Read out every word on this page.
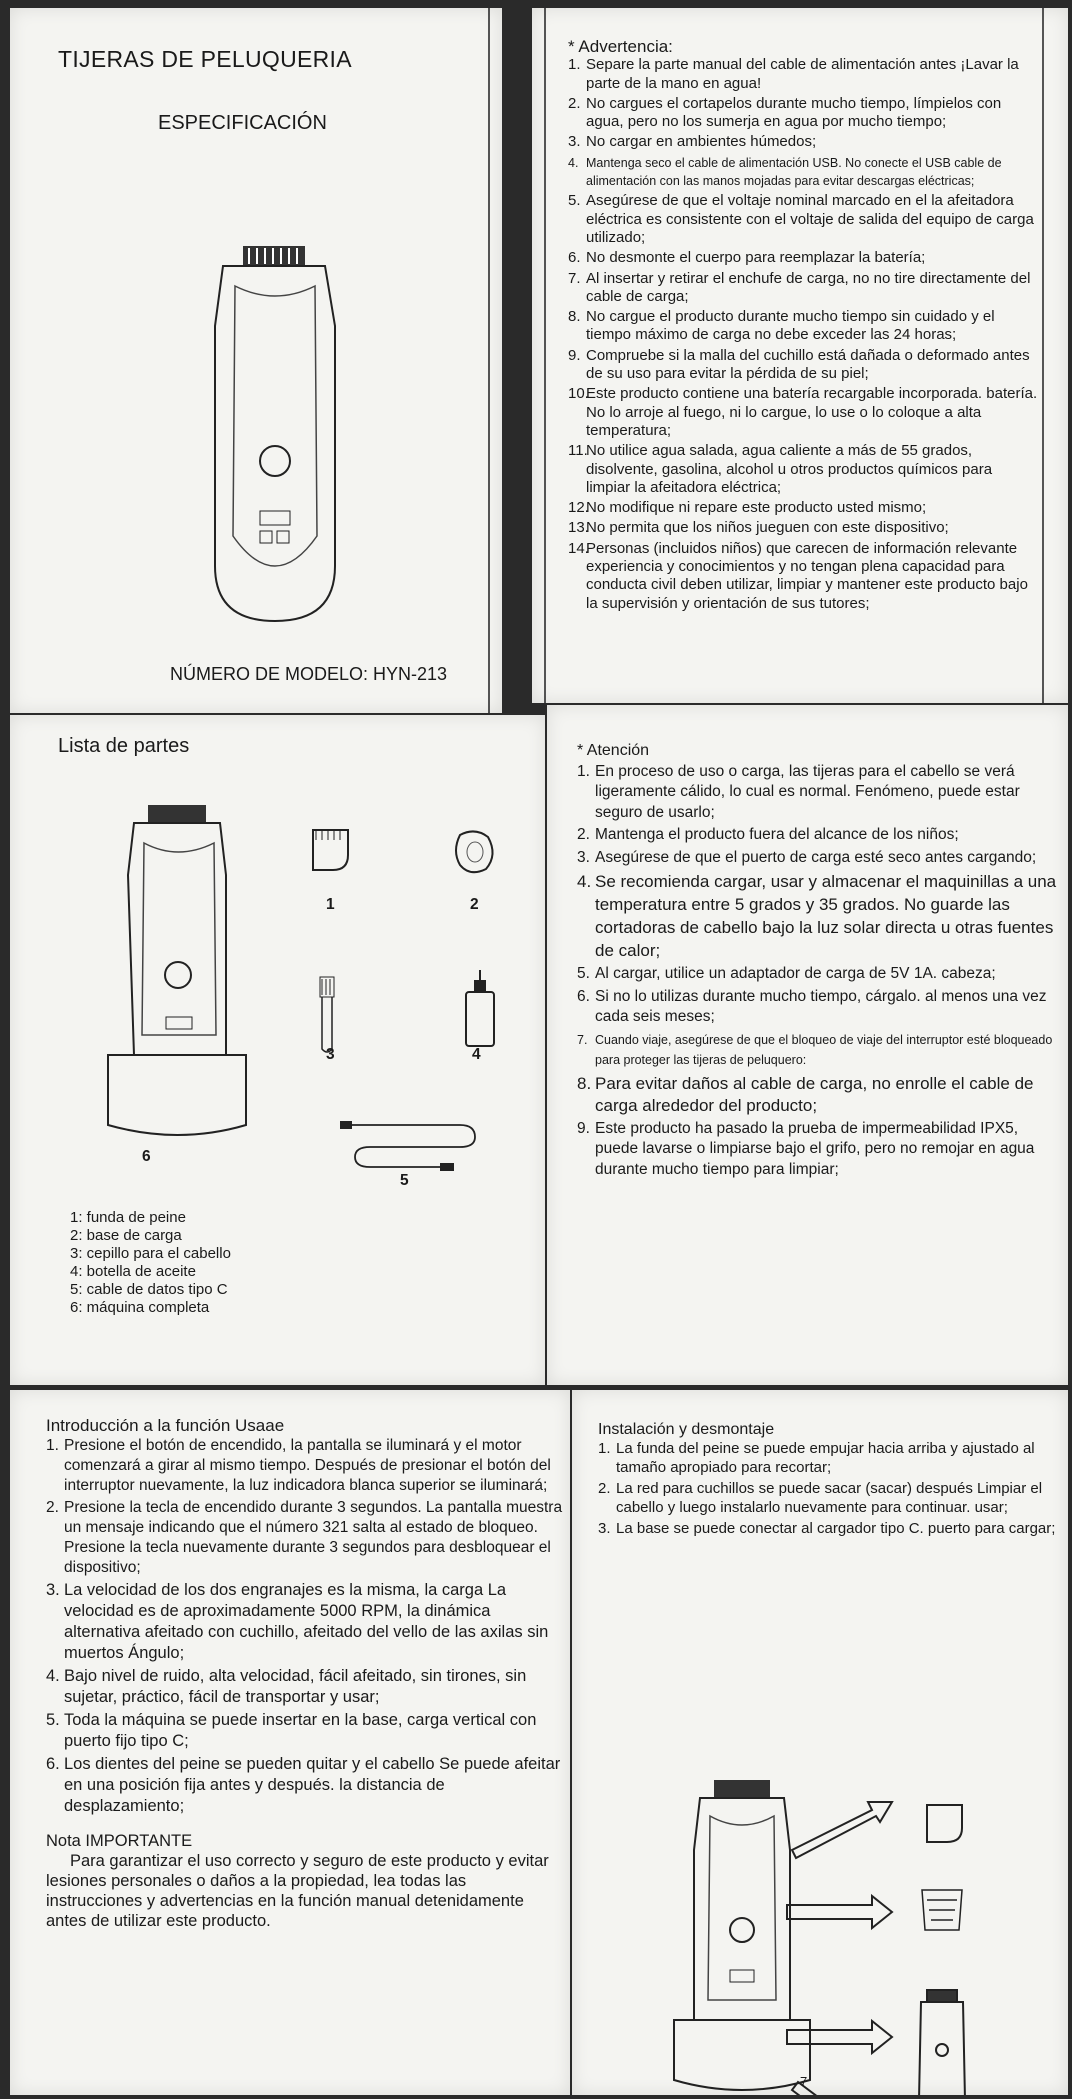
TIJERAS DE PELUQUERIA
ESPECIFICACIÓN
NÚMERO DE MODELO: HYN-213
* Advertencia:
1. Separe la parte manual del cable de alimentación antes ¡Lavar la parte de la mano en agua!
2. No cargues el cortapelos durante mucho tiempo, límpielos con agua, pero no los sumerja en agua por mucho tiempo;
3. No cargar en ambientes húmedos;
4. Mantenga seco el cable de alimentación USB. No conecte el USB cable de alimentación con las manos mojadas para evitar descargas eléctricas;
5. Asegúrese de que el voltaje nominal marcado en el la afeitadora eléctrica es consistente con el voltaje de salida del equipo de carga utilizado;
6. No desmonte el cuerpo para reemplazar la batería;
7. Al insertar y retirar el enchufe de carga, no no tire directamente del cable de carga;
8. No cargue el producto durante mucho tiempo sin cuidado y el tiempo máximo de carga no debe exceder las 24 horas;
9. Compruebe si la malla del cuchillo está dañada o deformado antes de su uso para evitar la pérdida de su piel;
10.
Este producto contiene una batería recargable incorporada. batería. No lo arroje al fuego, ni lo cargue, lo use o lo coloque a alta temperatura;
11.
No utilice agua salada, agua caliente a más de 55 grados, disolvente, gasolina, alcohol u otros productos químicos para limpiar la afeitadora eléctrica;
12.
No modifique ni repare este producto usted mismo;
13.
No permita que los niños jueguen con este dispositivo;
14.
Personas (incluidos niños) que carecen de información relevante experiencia y conocimientos y no tengan plena capacidad para conducta civil deben utilizar, limpiar y mantener este producto bajo la supervisión y orientación de sus tutores;
Lista de partes
1	2
3	4
5
6
1: funda de peine
2: base de carga
3: cepillo para el cabello
4: botella de aceite
5: cable de datos tipo C
6: máquina completa
* Atención
1. En proceso de uso o carga, las tijeras para el cabello se verá ligeramente cálido, lo cual es normal. Fenómeno, puede estar seguro de usarlo;
2. Mantenga el producto fuera del alcance de los niños;
3. Asegúrese de que el puerto de carga esté seco antes cargando;
4. Se recomienda cargar, usar y almacenar el maquinillas a una temperatura entre 5 grados y 35 grados. No guarde las cortadoras de cabello bajo la luz solar directa u otras fuentes de calor;
5. Al cargar, utilice un adaptador de carga de 5V 1A. cabeza;
6. Si no lo utilizas durante mucho tiempo, cárgalo. al menos una vez cada seis meses;
7. Cuando viaje, asegúrese de que el bloqueo de viaje del interruptor esté bloqueado para proteger las tijeras de peluquero:
8. Para evitar daños al cable de carga, no enrolle el cable de carga alrededor del producto;
9. Este producto ha pasado la prueba de impermeabilidad IPX5, puede lavarse o limpiarse bajo el grifo, pero no remojar en agua durante mucho tiempo para limpiar;
Introducción a la función Usaae
1. Presione el botón de encendido, la pantalla se iluminará y el motor comenzará a girar al mismo tiempo. Después de presionar el botón del interruptor nuevamente, la luz indicadora blanca superior se iluminará;
2. Presione la tecla de encendido durante 3 segundos. La pantalla muestra un mensaje indicando que el número 321 salta al estado de bloqueo. Presione la tecla nuevamente durante 3 segundos para desbloquear el dispositivo;
3. La velocidad de los dos engranajes es la misma, la carga La velocidad es de aproximadamente 5000 RPM, la dinámica alternativa afeitado con cuchillo, afeitado del vello de las axilas sin muertos Ángulo;
4. Bajo nivel de ruido, alta velocidad, fácil afeitado, sin tirones, sin sujetar, práctico, fácil de transportar y usar;
5. Toda la máquina se puede insertar en la base, carga vertical con puerto fijo tipo C;
6. Los dientes del peine se pueden quitar y el cabello Se puede afeitar en una posición fija antes y después. la distancia de desplazamiento;
Nota IMPORTANTE
Para garantizar el uso correcto y seguro de este producto y evitar lesiones personales o daños a la propiedad, lea todas las instrucciones y advertencias en la función manual detenidamente antes de utilizar este producto.
Instalación y desmontaje
1. La funda del peine se puede empujar hacia arriba y ajustado al tamaño apropiado para recortar;
2. La red para cuchillos se puede sacar (sacar) después Limpiar el cabello y luego instalarlo nuevamente para continuar. usar;
3. La base se puede conectar al cargador tipo C. puerto para cargar;
7
